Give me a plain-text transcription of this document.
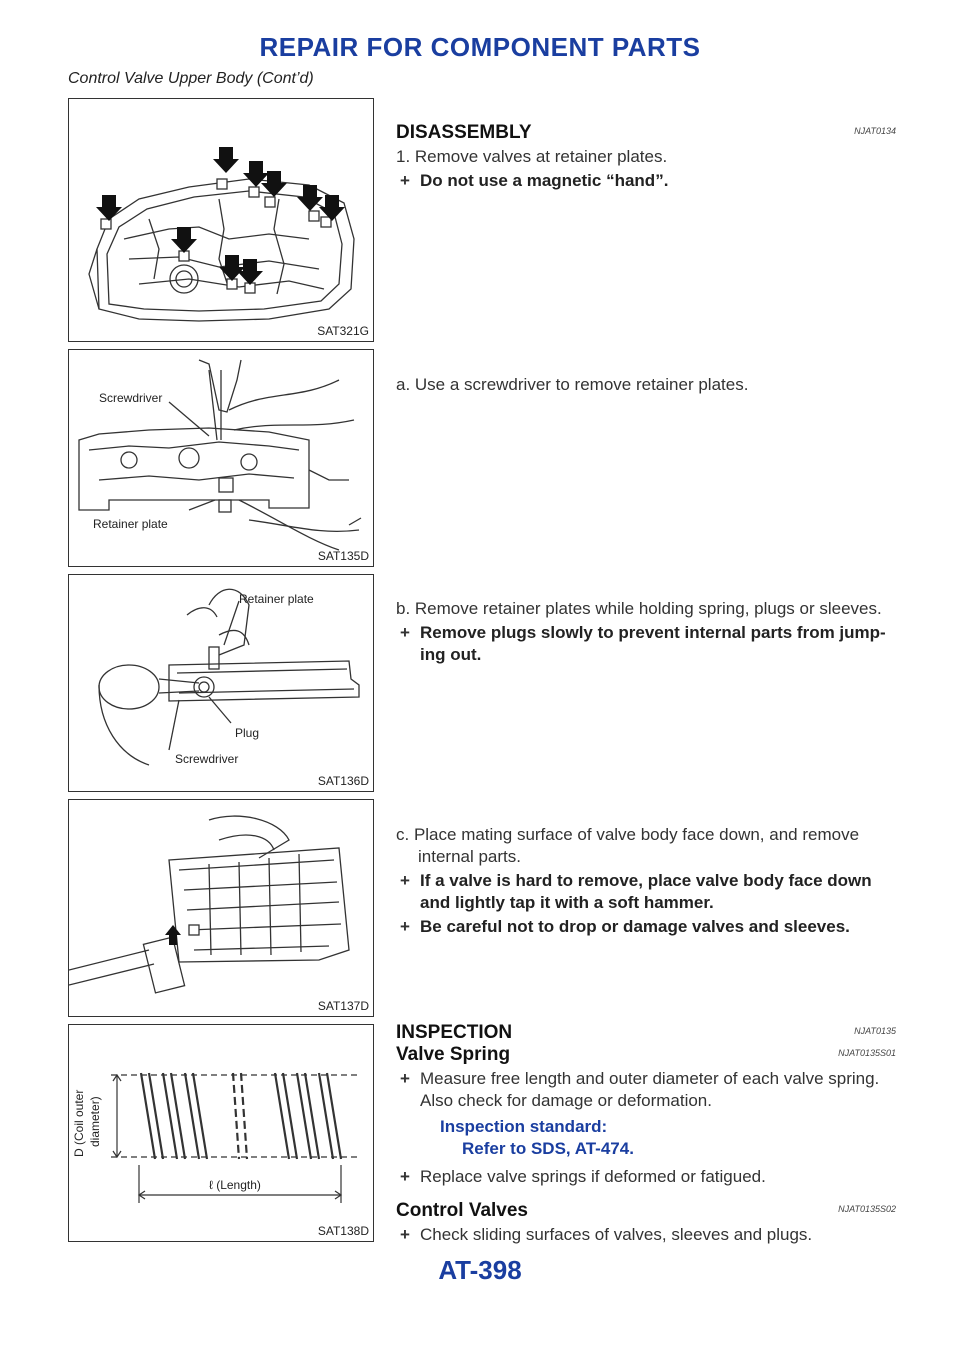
REPAIR FOR COMPONENT PARTS
Control Valve Upper Body (Cont’d)
SAT321G
Screwdriver
Retainer plate
SAT135D
Retainer plate
Plug
Screwdriver
SAT136D
SAT137D
D (Coil outer diameter)
ℓ (Length)
SAT138D
DISASSEMBLY	NJAT0134
1. Remove valves at retainer plates.
+ Do not use a magnetic “hand”.
a. Use a screwdriver to remove retainer plates.
b. Remove retainer plates while holding spring, plugs or sleeves.
+ Remove plugs slowly to prevent internal parts from jump-ing out.
c. Place mating surface of valve body face down, and remove internal parts.
+ If a valve is hard to remove, place valve body face down and lightly tap it with a soft hammer.
+ Be careful not to drop or damage valves and sleeves.
INSPECTION	NJAT0135
Valve Spring	NJAT0135S01
+ Measure free length and outer diameter of each valve spring. Also check for damage or deformation.
Inspection standard:
Refer to SDS, AT-474.
+ Replace valve springs if deformed or fatigued.
Control Valves	NJAT0135S02
+ Check sliding surfaces of valves, sleeves and plugs.
AT-398
